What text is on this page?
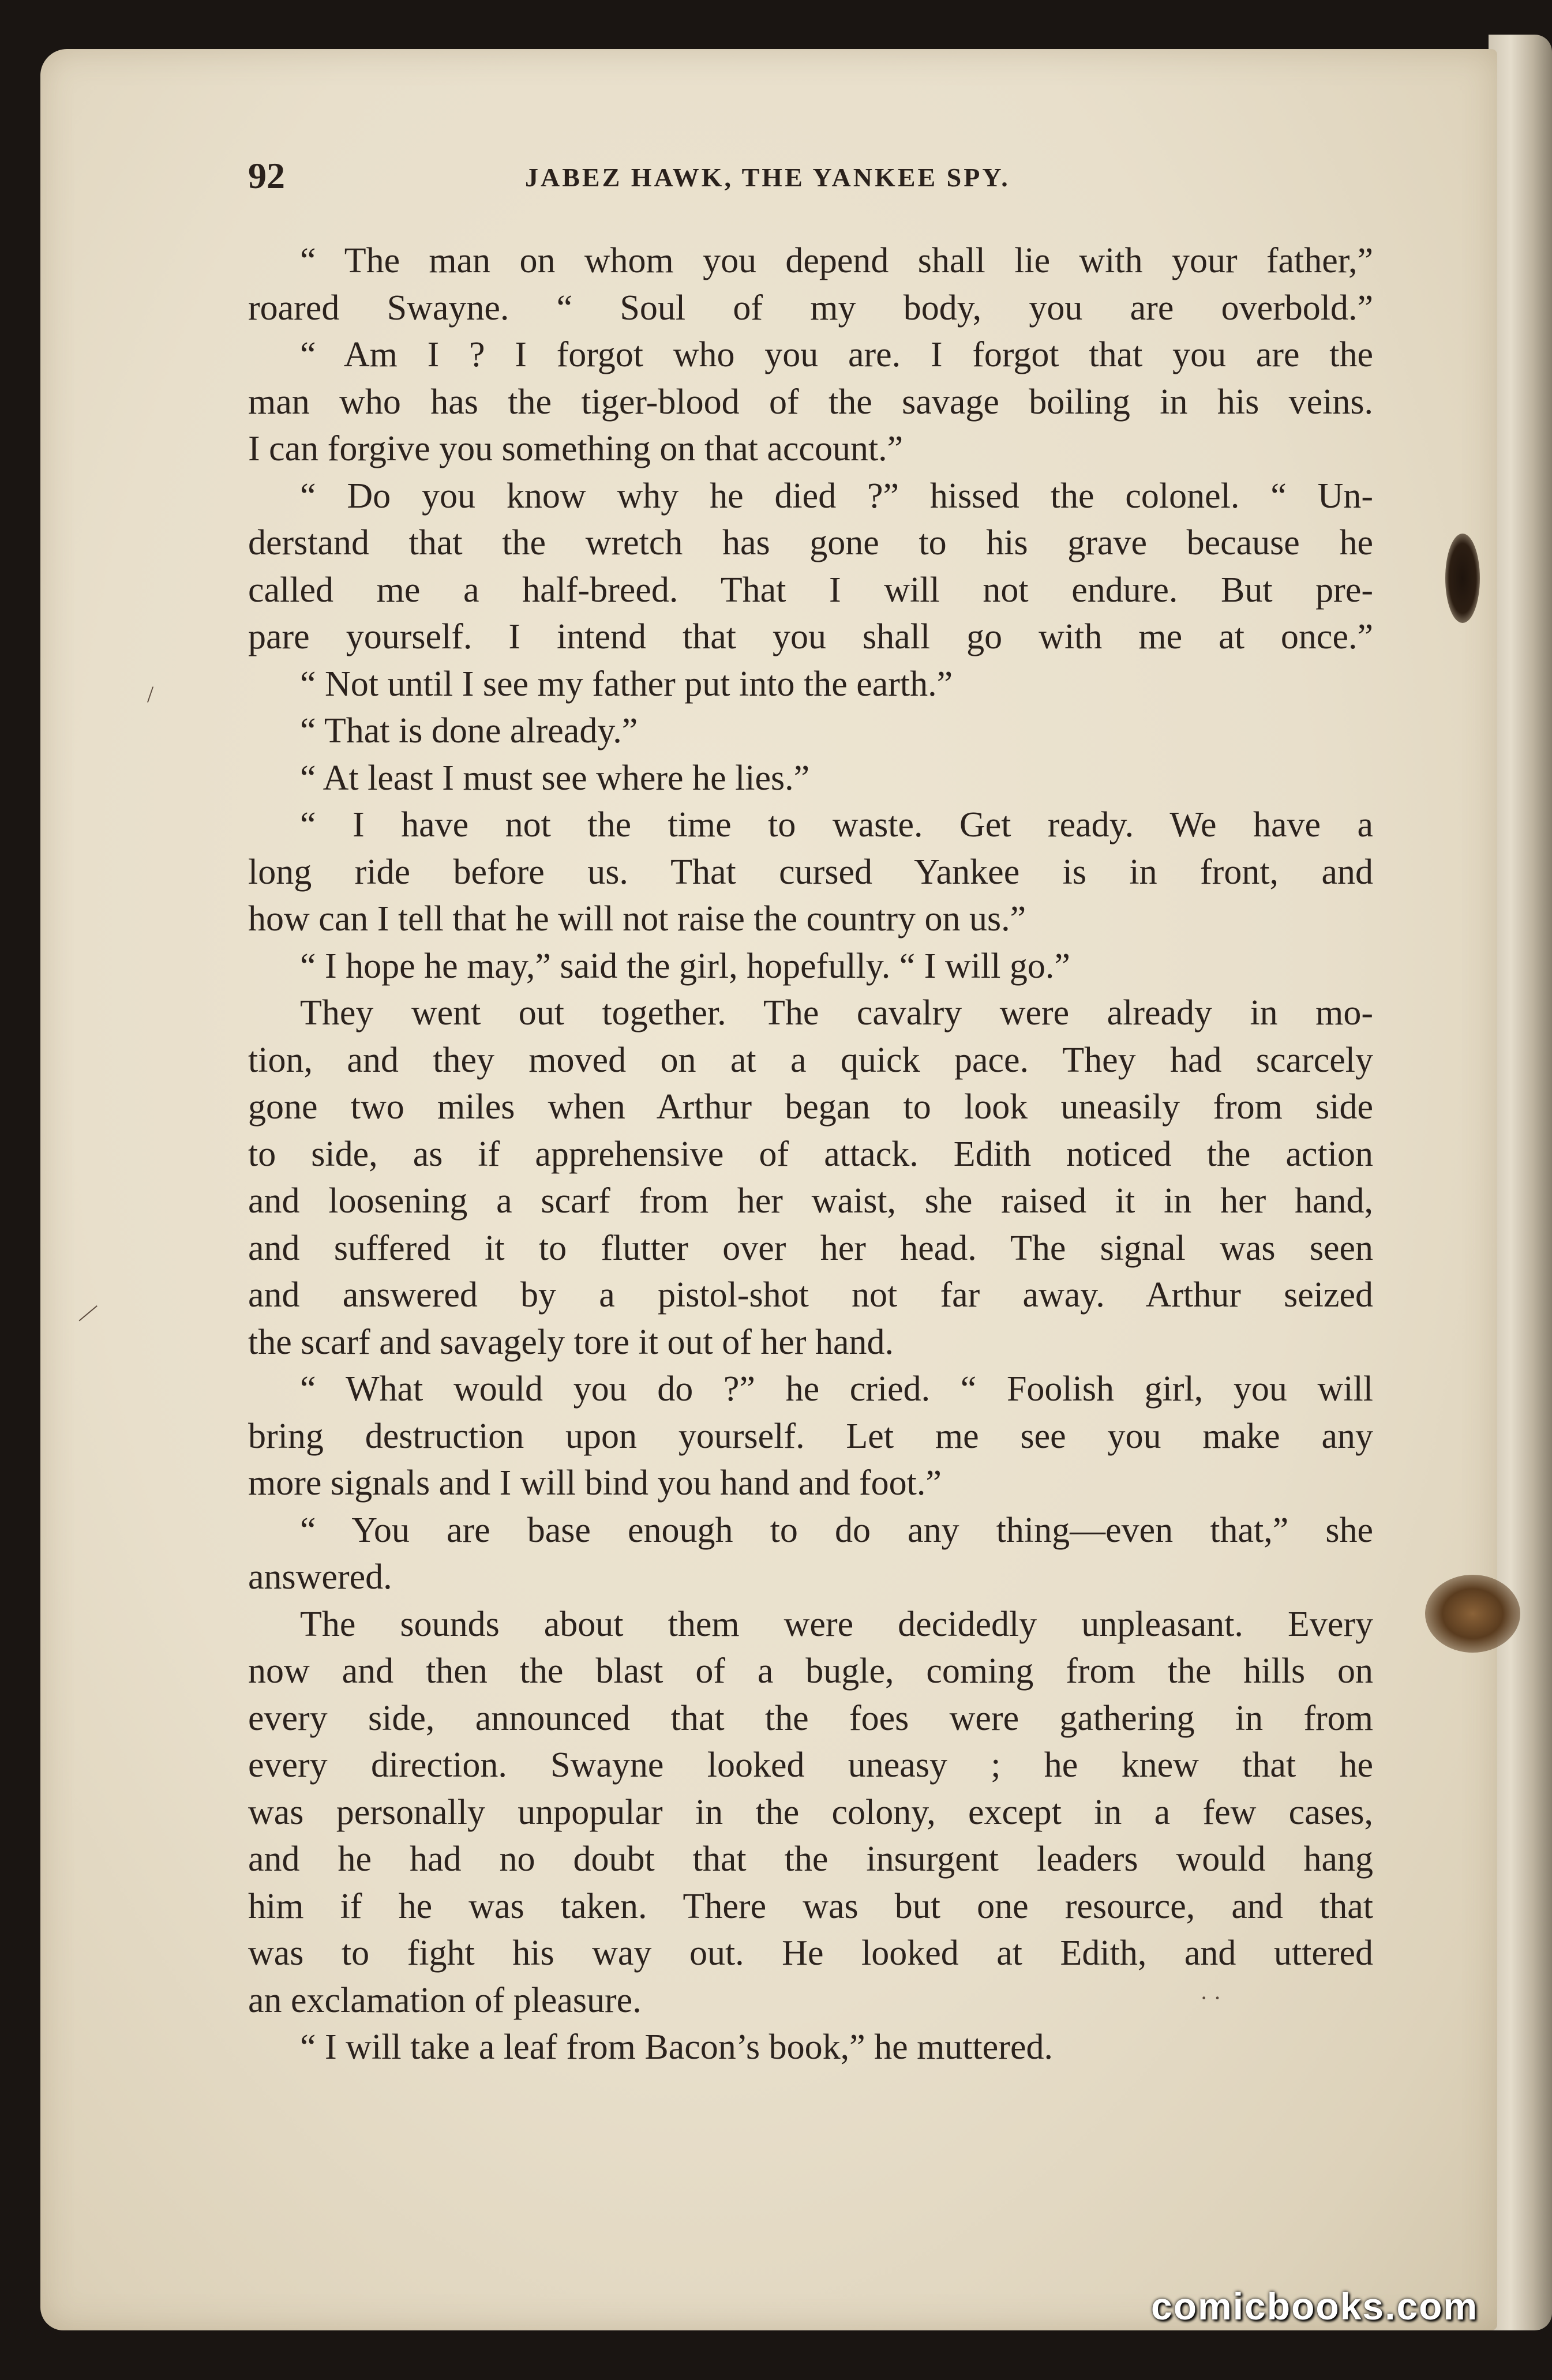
/
—
· ·
92	JABEZ HAWK, THE YANKEE SPY.
“ The man on whom you depend shall lie with your father,”
roared Swayne. “ Soul of my body, you are overbold.”
“ Am I ? I forgot who you are. I forgot that you are the
man who has the tiger-blood of the savage boiling in his veins.
I can forgive you something on that account.”
“ Do you know why he died ?” hissed the colonel. “ Un-
derstand that the wretch has gone to his grave because he
called me a half-breed. That I will not endure. But pre-
pare yourself. I intend that you shall go with me at once.”
“ Not until I see my father put into the earth.”
“ That is done already.”
“ At least I must see where he lies.”
“ I have not the time to waste. Get ready. We have a
long ride before us. That cursed Yankee is in front, and
how can I tell that he will not raise the country on us.”
“ I hope he may,” said the girl, hopefully. “ I will go.”
They went out together. The cavalry were already in mo-
tion, and they moved on at a quick pace. They had scarcely
gone two miles when Arthur began to look uneasily from side
to side, as if apprehensive of attack. Edith noticed the action
and loosening a scarf from her waist, she raised it in her hand,
and suffered it to flutter over her head. The signal was seen
and answered by a pistol-shot not far away. Arthur seized
the scarf and savagely tore it out of her hand.
“ What would you do ?” he cried. “ Foolish girl, you will
bring destruction upon yourself. Let me see you make any
more signals and I will bind you hand and foot.”
“ You are base enough to do any thing—even that,” she
answered.
The sounds about them were decidedly unpleasant. Every
now and then the blast of a bugle, coming from the hills on
every side, announced that the foes were gathering in from
every direction. Swayne looked uneasy ; he knew that he
was personally unpopular in the colony, except in a few cases,
and he had no doubt that the insurgent leaders would hang
him if he was taken. There was but one resource, and that
was to fight his way out. He looked at Edith, and uttered
an exclamation of pleasure.
“ I will take a leaf from Bacon’s book,” he muttered.
comicbooks.com
